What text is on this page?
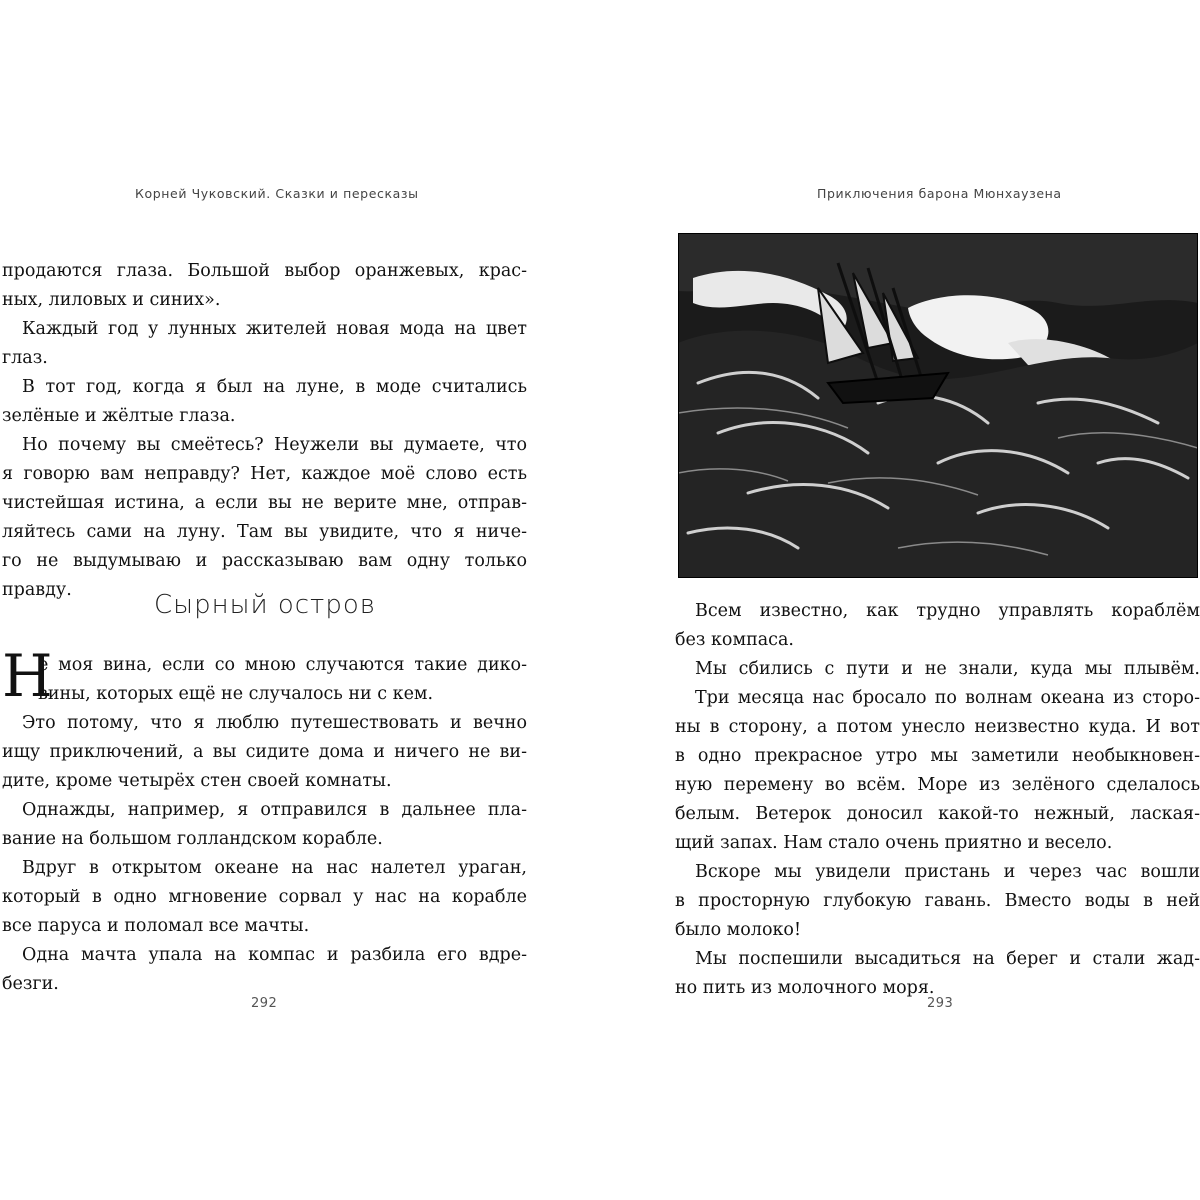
Корней Чуковский. Сказки и пересказы
продаются глаза. Большой выбор оранжевых, крас-
ных, лиловых и синих».
Каждый год у лунных жителей новая мода на цвет
глаз.
В тот год, когда я был на луне, в моде считались
зелёные и жёлтые глаза.
Но почему вы смеётесь? Неужели вы думаете, что
я говорю вам неправду? Нет, каждое моё слово есть
чистейшая истина, а если вы не верите мне, отправ-
ляйтесь сами на луну. Там вы увидите, что я ниче-
го не выдумываю и рассказываю вам одну только
правду.	Сырный остров
Н
е моя вина, если со мною случаются такие дико-
вины, которых ещё не случалось ни с кем.
Это потому, что я люблю путешествовать и вечно
ищу приключений, а вы сидите дома и ничего не ви-
дите, кроме четырёх стен своей комнаты.
Однажды, например, я отправился в дальнее пла-
вание на большом голландском корабле.
Вдруг в открытом океане на нас налетел ураган,
который в одно мгновение сорвал у нас на корабле
все паруса и поломал все мачты.
Одна мачта упала на компас и разбила его вдре-
безги.
292
Приключения барона Мюнхаузена
Всем известно, как трудно управлять кораблём
без компаса.
Мы сбились с пути и не знали, куда мы плывём.
Три месяца нас бросало по волнам океана из сторо-
ны в сторону, а потом унесло неизвестно куда. И вот
в одно прекрасное утро мы заметили необыкновен-
ную перемену во всём. Море из зелёного сделалось
белым. Ветерок доносил какой-то нежный, лаская-
щий запах. Нам стало очень приятно и весело.
Вскоре мы увидели пристань и через час вошли
в просторную глубокую гавань. Вместо воды в ней
было молоко!
Мы поспешили высадиться на берег и стали жад-
но пить из молочного моря.
293
